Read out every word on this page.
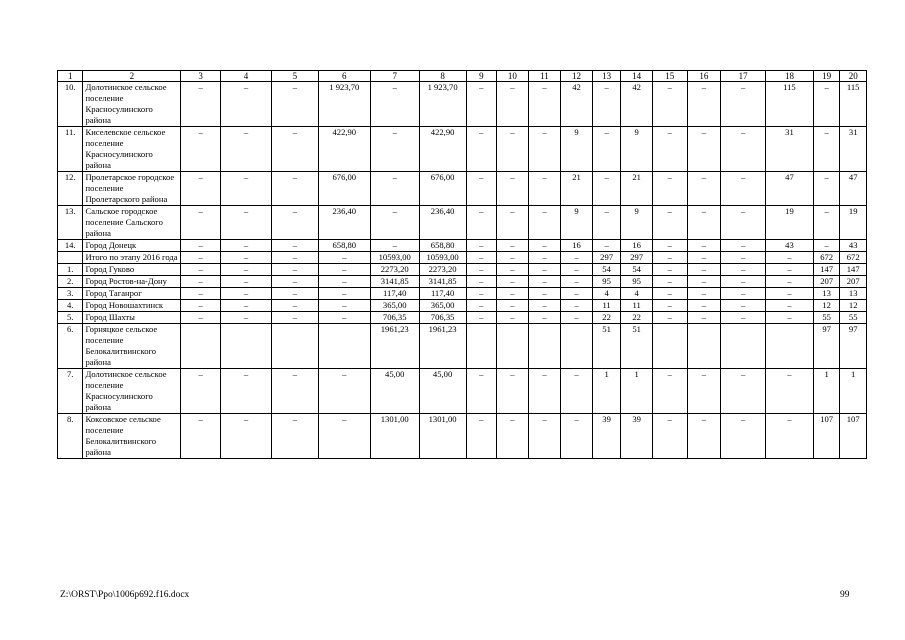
1	2	3	4	5	6	7	8	9	10	11	12	13	14	15	16	17	18	19	20
10.	Долотинское сельское поселение Красносулинского района	–	–	–	1 923,70	–	1 923,70	–	–	–	42	–	42	–	–	–	115	–	115
11.	Киселевское сельское поселение Красносулинского района	–	–	–	422,90	–	422,90	–	–	–	9	–	9	–	–	–	31	–	31
12.	Пролетарское городское поселение Пролетарского района	–	–	–	676,00	–	676,00	–	–	–	21	–	21	–	–	–	47	–	47
13.	Сальское городское поселение Сальского района	–	–	–	236,40	–	236,40	–	–	–	9	–	9	–	–	–	19	–	19
14.	Город Донецк	–	–	–	658,80	–	658,80	–	–	–	16	–	16	–	–	–	43	–	43
	Итого по этапу 2016 года	–	–	–	–	10593,00	10593,00	–	–	–	–	297	297	–	–	–	–	672	672
1.	Город Гуково	–	–	–	–	2273,20	2273,20	–	–	–	–	54	54	–	–	–	–	147	147
2.	Город Ростов-на-Дону	–	–	–	–	3141,85	3141,85	–	–	–	–	95	95	–	–	–	–	207	207
3.	Город Таганрог	–	–	–	–	117,40	117,40	–	–	–	–	4	4	–	–	–	–	13	13
4.	Город Новошахтинск	–	–	–	–	365,00	365,00	–	–	–	–	11	11	–	–	–	–	12	12
5.	Город Шахты	–	–	–	–	706,35	706,35	–	–	–	–	22	22	–	–	–	–	55	55
6.	Горняцкое сельское поселение Белокалитвинского района					1961,23	1961,23					51	51					97	97
7.	Долотинское сельское поселение Красносулинского района	–	–	–	–	45,00	45,00	–	–	–	–	1	1	–	–	–	–	1	1
8.	Коксовское сельское поселение Белокалитвинского района	–	–	–	–	1301,00	1301,00	–	–	–	–	39	39	–	–	–	–	107	107
Z:\ORST\Ppo\1006p692.f16.docx	99
